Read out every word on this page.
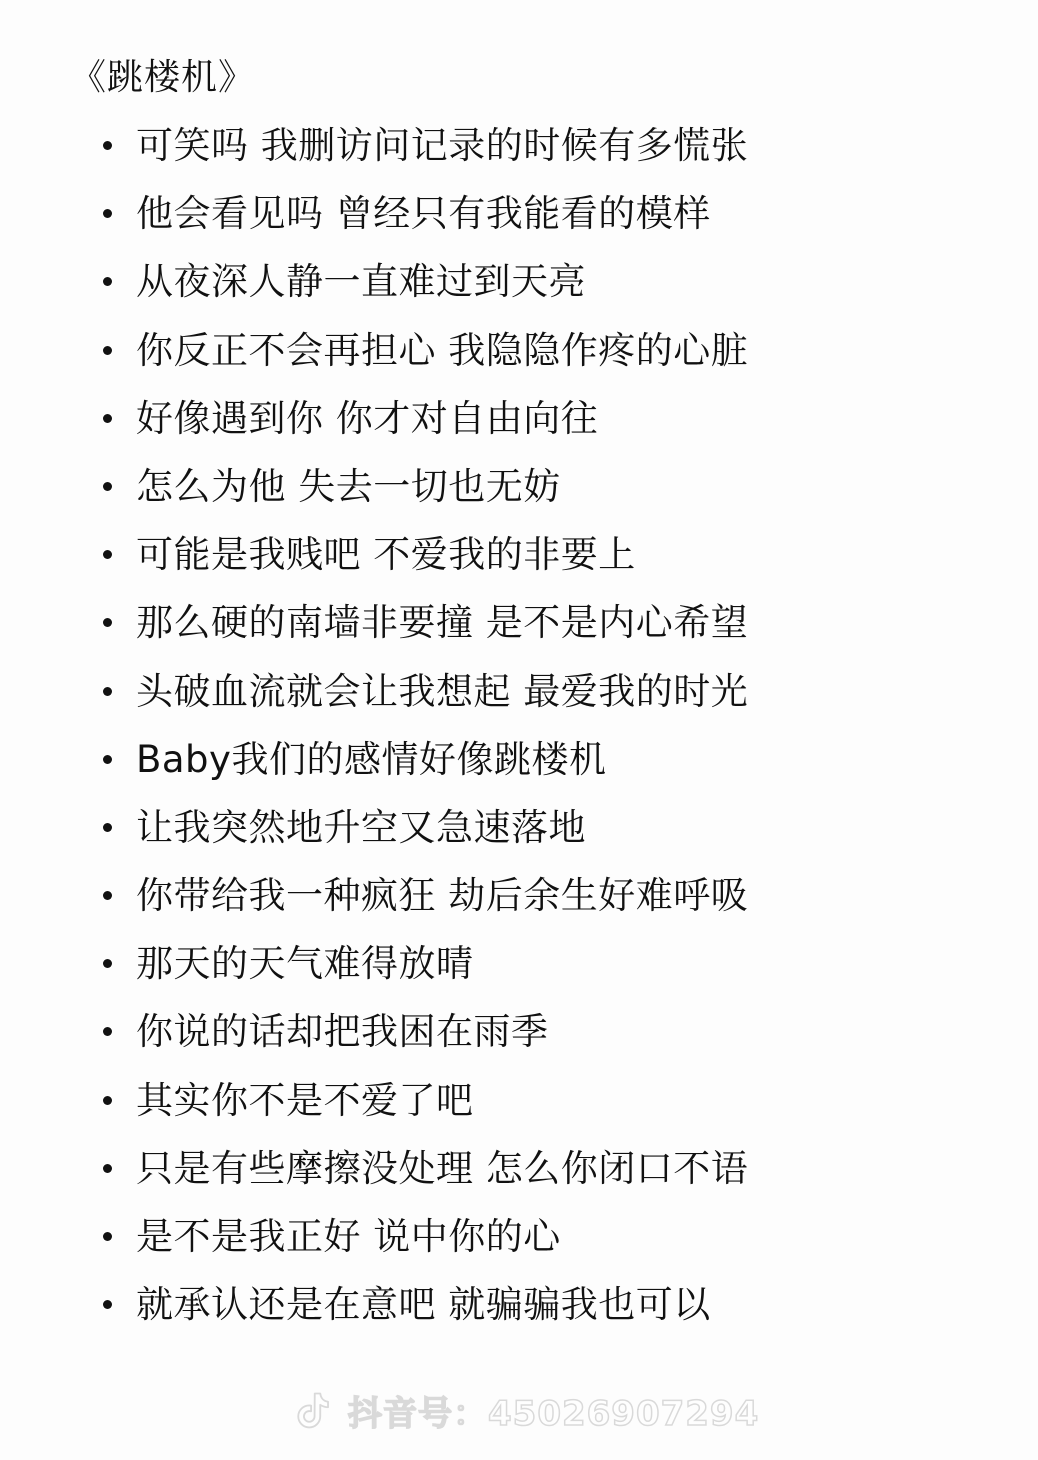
《跳楼机》
可笑吗 我删访问记录的时候有多慌张
他会看见吗 曾经只有我能看的模样
从夜深人静一直难过到天亮
你反正不会再担心 我隐隐作疼的心脏
好像遇到你 你才对自由向往
怎么为他 失去一切也无妨
可能是我贱吧 不爱我的非要上
那么硬的南墙非要撞 是不是内心希望
头破血流就会让我想起 最爱我的时光
Baby我们的感情好像跳楼机
让我突然地升空又急速落地
你带给我一种疯狂 劫后余生好难呼吸
那天的天气难得放晴
你说的话却把我困在雨季
其实你不是不爱了吧
只是有些摩擦没处理 怎么你闭口不语
是不是我正好 说中你的心
就承认还是在意吧 就骗骗我也可以
抖音号：45026907294
